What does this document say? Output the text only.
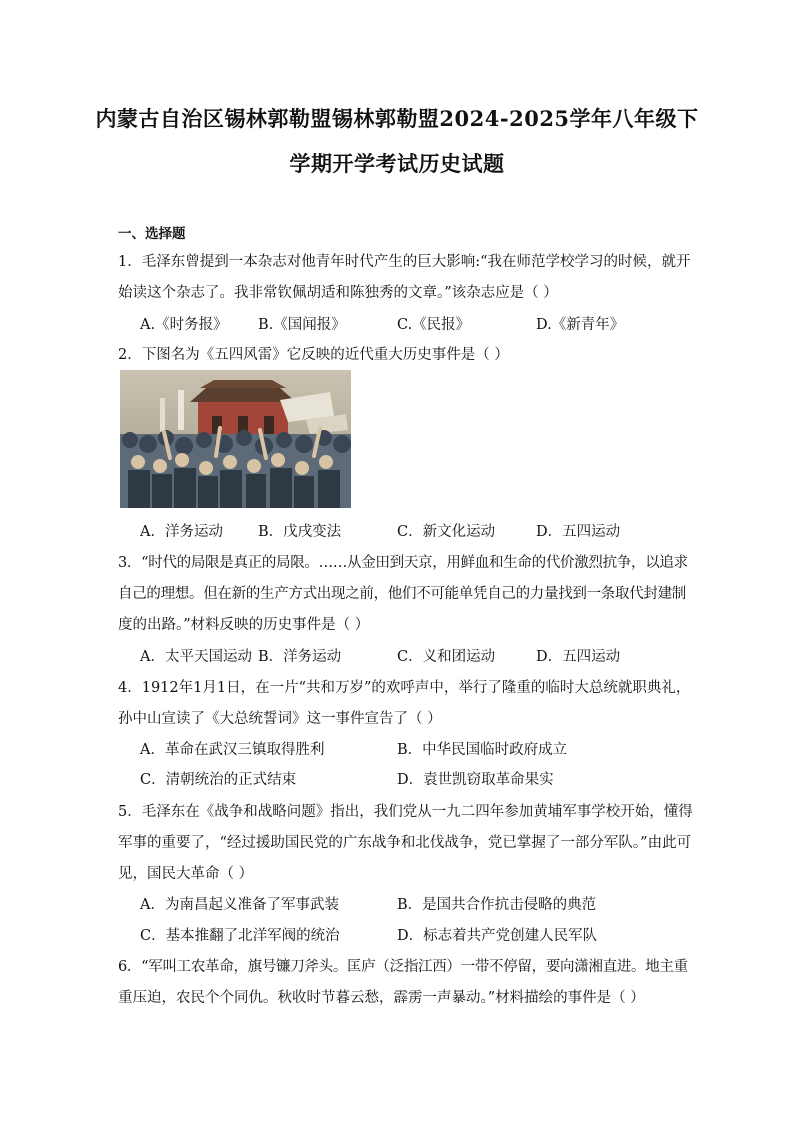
内蒙古自治区锡林郭勒盟锡林郭勒盟2024-2025学年八年级下
学期开学考试历史试题
一、选择题
1．毛泽东曾提到一本杂志对他青年时代产生的巨大影响:“我在师范学校学习的时候，就开
始读这个杂志了。我非常钦佩胡适和陈独秀的文章。”该杂志应是（ ）
A.《时务报》 B.《国闻报》	C.《民报》	D.《新青年》
2．下图名为《五四风雷》它反映的近代重大历史事件是（ ）
A．洋务运动 B．戊戌变法	C．新文化运动	D．五四运动
3．“时代的局限是真正的局限。……从金田到天京，用鲜血和生命的代价激烈抗争，以追求
自己的理想。但在新的生产方式出现之前，他们不可能单凭自己的力量找到一条取代封建制
度的出路。”材料反映的历史事件是（ ）
A．太平天国运动 B．洋务运动	C．义和团运动	D．五四运动
4．1912年1月1日，在一片“共和万岁”的欢呼声中，举行了隆重的临时大总统就职典礼，
孙中山宣读了《大总统誓词》这一事件宣告了（ ）
A．革命在武汉三镇取得胜利	B．中华民国临时政府成立
C．清朝统治的正式结束	D．袁世凯窃取革命果实
5．毛泽东在《战争和战略问题》指出，我们党从一九二四年参加黄埔军事学校开始，懂得
军事的重要了，“经过援助国民党的广东战争和北伐战争，党已掌握了一部分军队。”由此可
见，国民大革命（ ）
A．为南昌起义准备了军事武装	B．是国共合作抗击侵略的典范
C．基本推翻了北洋军阀的统治	D．标志着共产党创建人民军队
6．“军叫工农革命，旗号镰刀斧头。匡庐（泛指江西）一带不停留，要向潇湘直进。地主重
重压迫，农民个个同仇。秋收时节暮云愁，霹雳一声暴动。”材料描绘的事件是（ ）
